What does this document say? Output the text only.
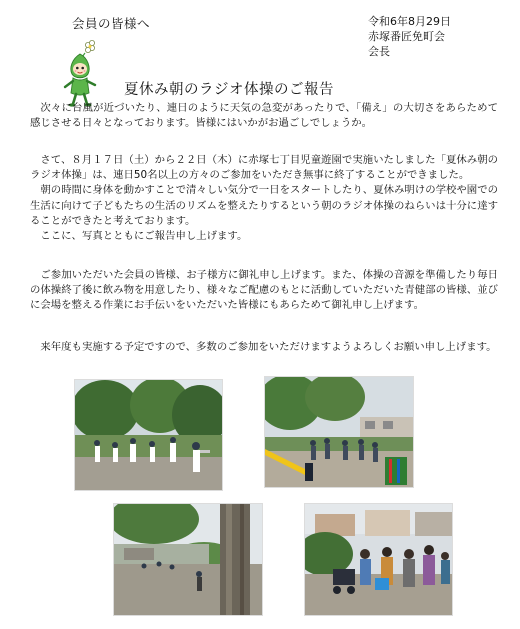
会員の皆様へ	令和6年8月29日
赤塚番匠免町会
会長
夏休み朝のラジオ体操のご報告

次々に台風が近づいたり、連日のように天気の急変があったりで、「備え」の大切さをあらためて感じさせる日々となっております。皆様にはいかがお過ごしでしょうか。

さて、８月１７日（土）から２２日（木）に赤塚七丁目児童遊園で実施いたしました「夏休み朝のラジオ体操」は、連日50名以上の方々のご参加をいただき無事に終了することができました。

朝の時間に身体を動かすことで清々しい気分で一日をスタートしたり、夏休み明けの学校や園での生活に向けて子どもたちの生活のリズムを整えたりするという朝のラジオ体操のねらいは十分に達することができたと考えております。

ここに、写真とともにご報告申し上げます。

ご参加いただいた会員の皆様、お子様方に御礼申し上げます。また、体操の音源を準備したり毎日の体操終了後に飲み物を用意したり、様々なご配慮のもとに活動していただいた青健部の皆様、並びに会場を整える作業にお手伝いをいただいた皆様にもあらためて御礼申し上げます。

来年度も実施する予定ですので、多数のご参加をいただけますようよろしくお願い申し上げます。
